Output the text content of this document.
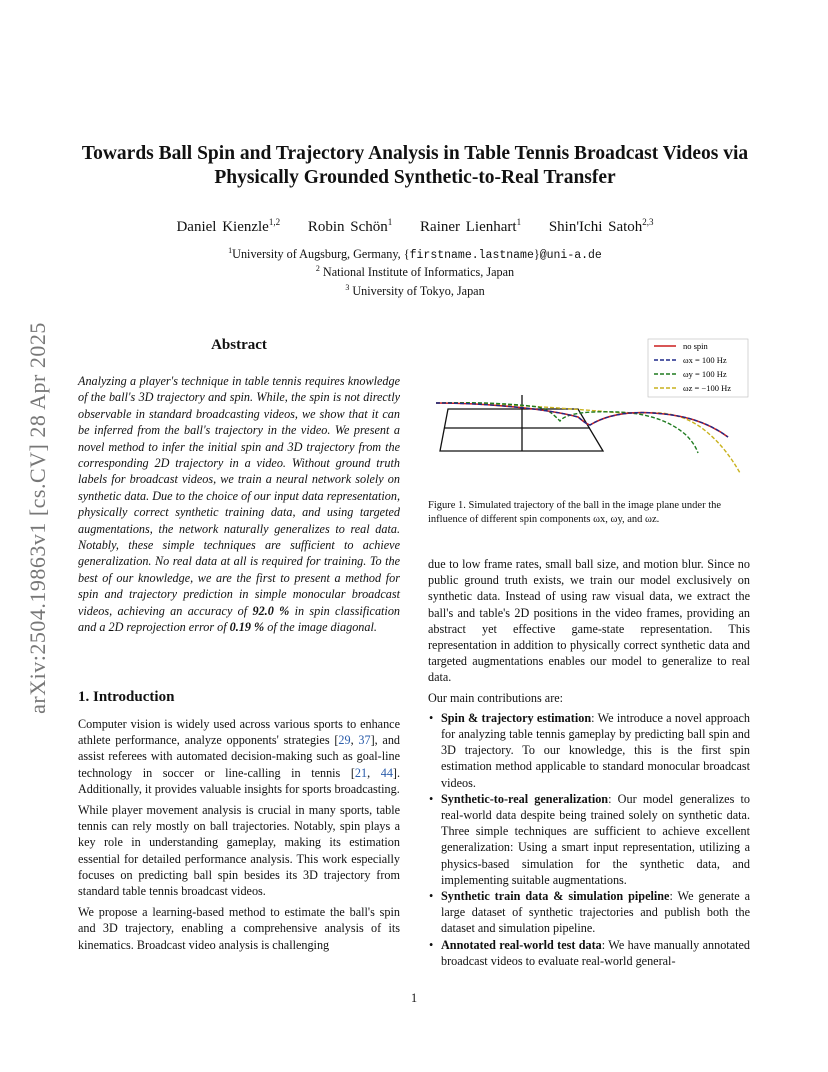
arXiv:2504.19863v1 [cs.CV] 28 Apr 2025
Towards Ball Spin and Trajectory Analysis in Table Tennis Broadcast Videos via
Physically Grounded Synthetic-to-Real Transfer
Daniel Kienzle$^{1,2}$ Robin Schön$^1$ Rainer Lienhart$^1$ Shin'Ichi Satoh$^{2,3}$
$^1$University of Augsburg, Germany, {firstname.lastname}@uni-a.de
$^2$ National Institute of Informatics, Japan
$^3$ University of Tokyo, Japan
Abstract
Analyzing a player's technique in table tennis requires knowledge of the ball's 3D trajectory and spin. While, the spin is not directly observable in standard broadcasting videos, we show that it can be inferred from the ball's trajectory in the video. We present a novel method to infer the initial spin and 3D trajectory from the corresponding 2D trajectory in a video. Without ground truth labels for broadcast videos, we train a neural network solely on synthetic data. Due to the choice of our input data representation, physically correct synthetic training data, and using targeted augmentations, the network naturally generalizes to real data. Notably, these simple techniques are sufficient to achieve generalization. No real data at all is required for training. To the best of our knowledge, we are the first to present a method for spin and trajectory prediction in simple monocular broadcast videos, achieving an accuracy of 92.0 % in spin classification and a 2D reprojection error of 0.19 % of the image diagonal.
1. Introduction

Computer vision is widely used across various sports to enhance athlete performance, analyze opponents' strategies [29, 37], and assist referees with automated decision-making such as goal-line technology in soccer or line-calling in tennis [21, 44]. Additionally, it provides valuable insights for sports broadcasting.

While player movement analysis is crucial in many sports, table tennis can rely mostly on ball trajectories. Notably, spin plays a key role in understanding gameplay, making its estimation essential for detailed performance analysis. This work especially focuses on predicting ball spin besides its 3D trajectory from standard table tennis broadcast videos.

We propose a learning-based method to estimate the ball's spin and 3D trajectory, enabling a comprehensive analysis of its kinematics. Broadcast video analysis is challenging

no spin
ωx = 100 Hz
ωy = 100 Hz
ωz = −100 Hz
Figure 1. Simulated trajectory of the ball in the image plane under the influence of different spin components ωx, ωy, and ωz.

due to low frame rates, small ball size, and motion blur. Since no public ground truth exists, we train our model exclusively on synthetic data. Instead of using raw visual data, we extract the ball's and table's 2D positions in the video frames, providing an abstract yet effective game-state representation. This representation in addition to physically correct synthetic data and targeted augmentations enables our model to generalize to real data.

Our main contributions are:

• Spin & trajectory estimation: We introduce a novel approach for analyzing table tennis gameplay by predicting ball spin and 3D trajectory. To our knowledge, this is the first spin estimation method applicable to standard monocular broadcast videos.
• Synthetic-to-real generalization: Our model generalizes to real-world data despite being trained solely on synthetic data. Three simple techniques are sufficient to achieve excellent generalization: Using a smart input representation, utilizing a physics-based simulation for the synthetic data, and implementing suitable augmentations.
• Synthetic train data & simulation pipeline: We generate a large dataset of synthetic trajectories and publish both the dataset and simulation pipeline.
• Annotated real-world test data: We have manually annotated broadcast videos to evaluate real-world general-
1
